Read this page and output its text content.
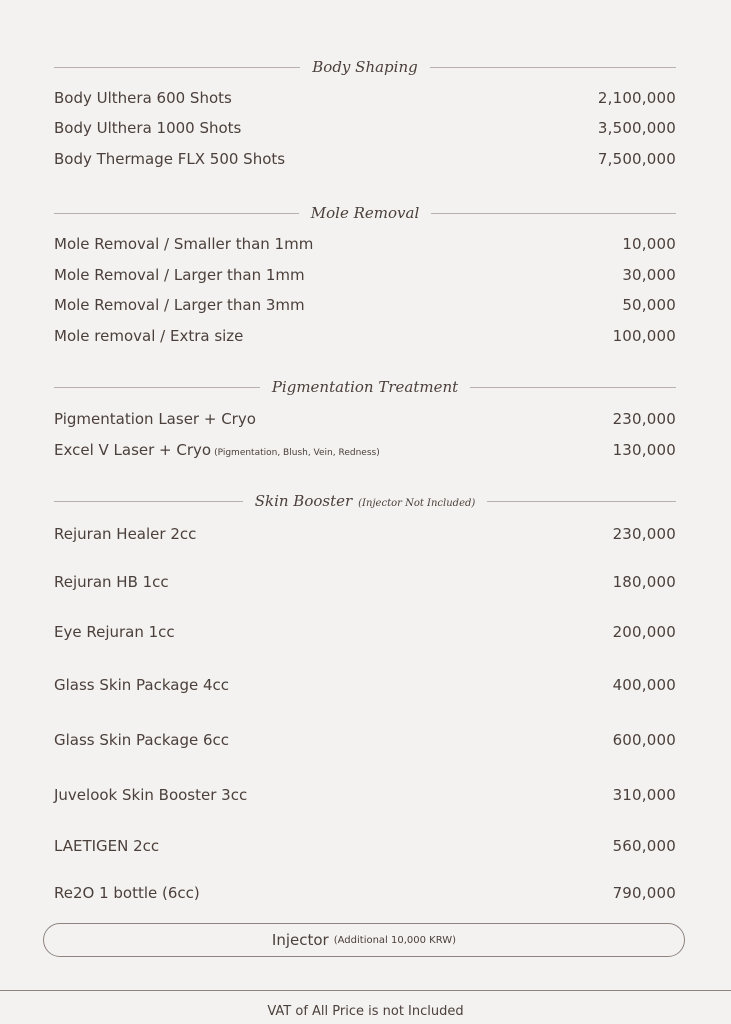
Body Shaping
Body Ulthera 600 Shots	2,100,000
Body Ulthera 1000 Shots	3,500,000
Body Thermage FLX 500 Shots	7,500,000
Mole Removal
Mole Removal / Smaller than 1mm	10,000
Mole Removal / Larger than 1mm	30,000
Mole Removal / Larger than 3mm	50,000
Mole removal / Extra size	100,000
Pigmentation Treatment
Pigmentation Laser + Cryo	230,000
Excel V Laser + Cryo (Pigmentation, Blush, Vein, Redness)	130,000
Skin Booster (Injector Not Included)
Rejuran Healer 2cc	230,000
Rejuran HB 1cc	180,000
Eye Rejuran 1cc	200,000
Glass Skin Package 4cc	400,000
Glass Skin Package 6cc	600,000
Juvelook Skin Booster 3cc	310,000
LAETIGEN 2cc	560,000
Re2O 1 bottle (6cc)	790,000
Injector (Additional 10,000 KRW)
VAT of All Price is not Included
